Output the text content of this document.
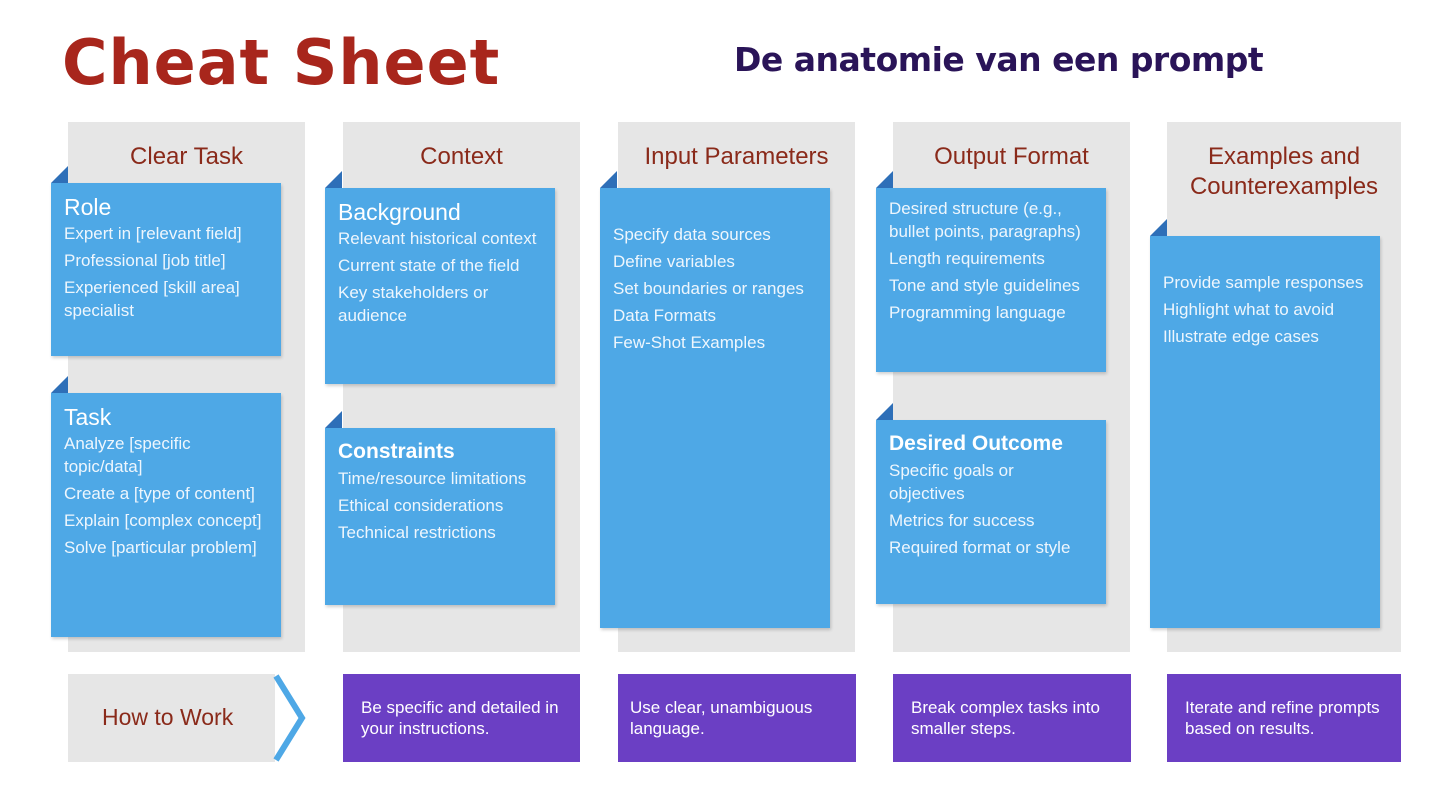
Cheat Sheet	De anatomie van een prompt
Clear Task
Role
Expert in [relevant field]
Professional [job title]
Experienced [skill area] specialist
Task
Analyze [specific topic/data]
Create a [type of content]
Explain [complex concept]
Solve [particular problem]
Context
Background
Relevant historical context
Current state of the field
Key stakeholders or audience
Constraints
Time/resource limitations
Ethical considerations
Technical restrictions
Input Parameters
Specify data sources
Define variables
Set boundaries or ranges
Data Formats
Few-Shot Examples
Output Format
Desired structure (e.g., bullet points, paragraphs)
Length requirements
Tone and style guidelines
Programming language
Desired Outcome
Specific goals or objectives
Metrics for success
Required format or style
Examples and Counterexamples
Provide sample responses
Highlight what to avoid
Illustrate edge cases
How to Work	Be specific and detailed in your instructions.
Use clear, unambiguous language.
Break complex tasks into smaller steps.
Iterate and refine prompts based on results.
